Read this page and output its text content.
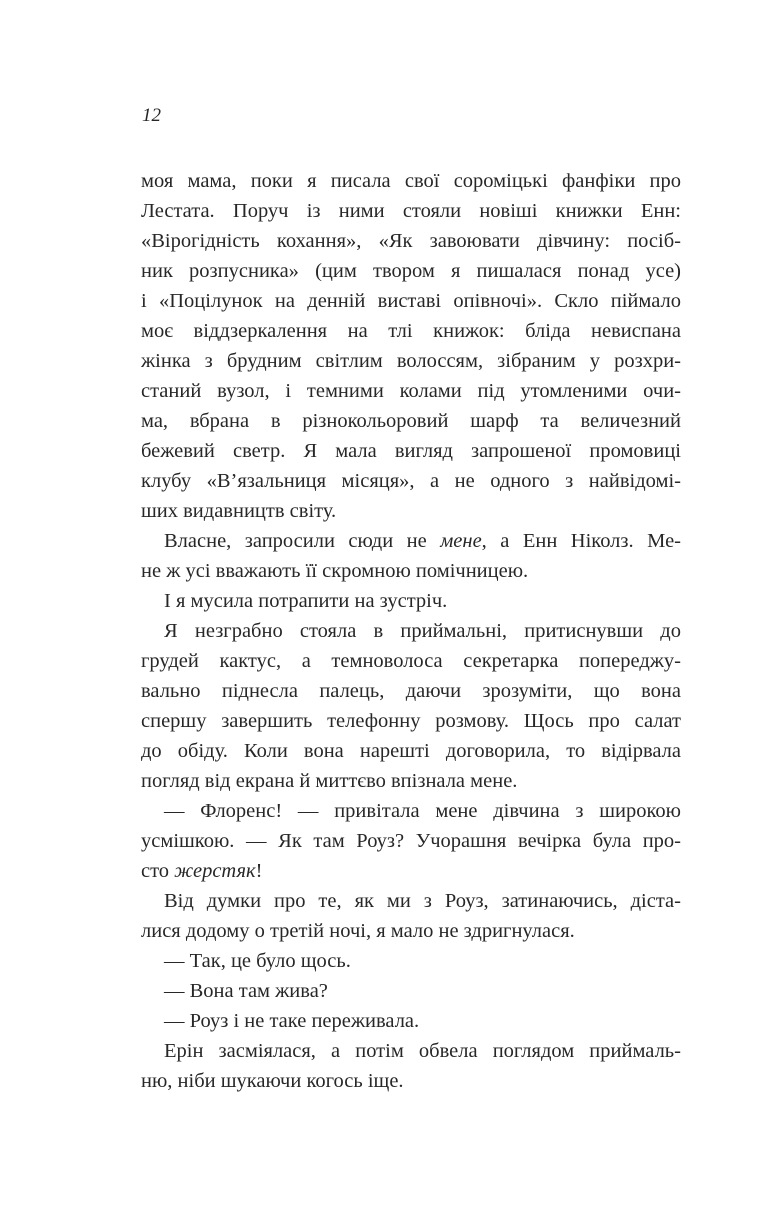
12
моя мама, поки я писала свої сороміцькі фанфіки про
Лестата. Поруч із ними стояли новіші книжки Енн:
«Вірогідність кохання», «Як завоювати дівчину: посіб-
ник розпусника» (цим твором я пишалася понад усе)
і «Поцілунок на денній виставі опівночі». Скло піймало
моє віддзеркалення на тлі книжок: бліда невиспана
жінка з брудним світлим волоссям, зібраним у розхри-
станий вузол, і темними колами під утомленими очи-
ма, вбрана в різнокольоровий шарф та величезний
бежевий светр. Я мала вигляд запрошеної промовиці
клубу «В’язальниця місяця», а не одного з найвідомі-
ших видавництв світу.
Власне, запросили сюди не мене, а Енн Ніколз. Ме-
не ж усі вважають її скромною помічницею.
І я мусила потрапити на зустріч.
Я незграбно стояла в приймальні, притиснувши до
грудей кактус, а темноволоса секретарка попереджу-
вально піднесла палець, даючи зрозуміти, що вона
спершу завершить телефонну розмову. Щось про салат
до обіду. Коли вона нарешті договорила, то відірвала
погляд від екрана й миттєво впізнала мене.
— Флоренс! — привітала мене дівчина з широкою
усмішкою. — Як там Роуз? Учорашня вечірка була про-
сто жерстяк!
Від думки про те, як ми з Роуз, затинаючись, діста-
лися додому о третій ночі, я мало не здригнулася.
— Так, це було щось.
— Вона там жива?
— Роуз і не таке переживала.
Ерін засміялася, а потім обвела поглядом приймаль-
ню, ніби шукаючи когось іще.
